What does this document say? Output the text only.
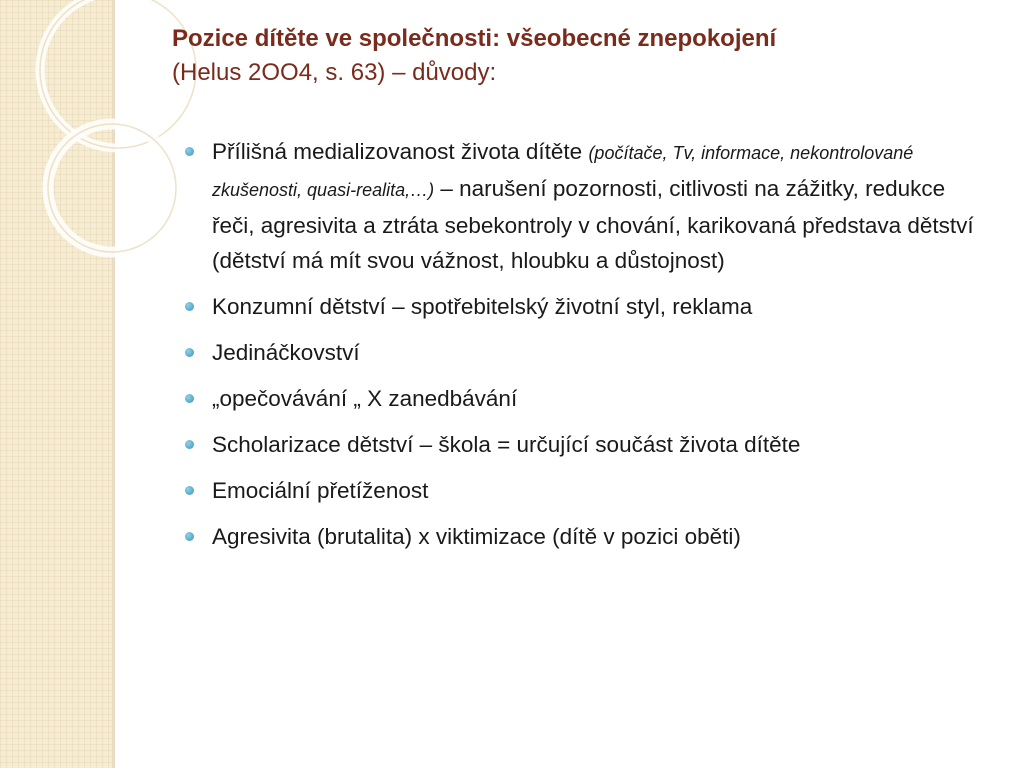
Pozice dítěte ve společnosti: všeobecné znepokojení
(Helus 2OO4, s. 63) – důvody:
Přílišná medializovanost života dítěte (počítače, Tv, informace, nekontrolované zkušenosti, quasi-realita,…) – narušení pozornosti, citlivosti na zážitky, redukce řeči, agresivita a ztráta sebekontroly v chování, karikovaná představa dětství (dětství má mít svou vážnost, hloubku a důstojnost)
Konzumní dětství – spotřebitelský životní styl, reklama
Jedináčkovství
„opečovávání „ X zanedbávání
Scholarizace dětství – škola = určující součást života dítěte
Emociální přetíženost
Agresivita (brutalita) x viktimizace (dítě v pozici oběti)
